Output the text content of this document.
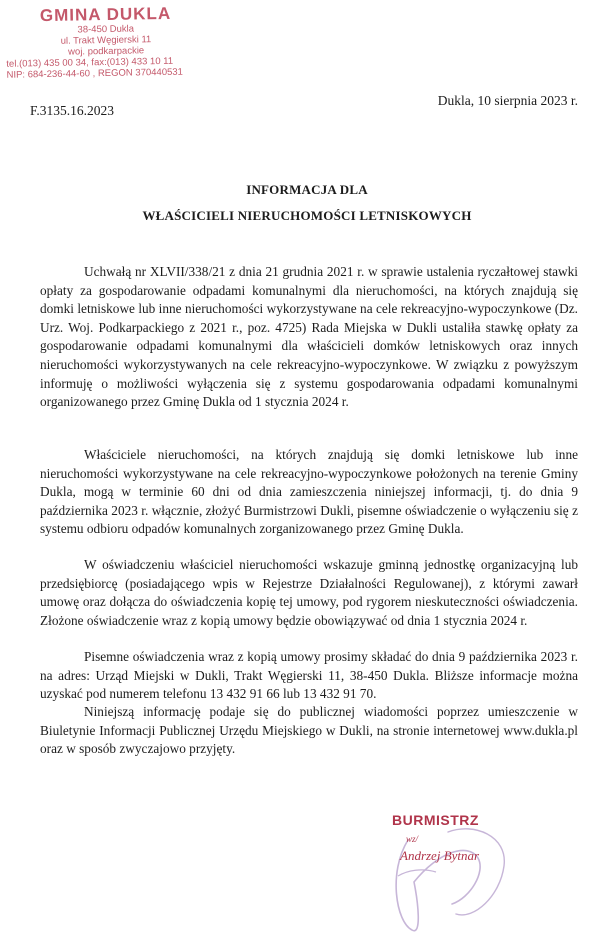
GMINA DUKLA
38-450 Dukla
ul. Trakt Węgierski 11
woj. podkarpackie
tel.(013) 435 00 34, fax:(013) 433 10 11
NIP: 684-236-44-60 , REGON 370440531
F.3135.16.2023
Dukla, 10 sierpnia 2023 r.
INFORMACJA DLA
WŁAŚCICIELI NIERUCHOMOŚCI LETNISKOWYCH

Uchwałą nr XLVII/338/21 z dnia 21 grudnia 2021 r. w sprawie ustalenia ryczałtowej stawki opłaty za gospodarowanie odpadami komunalnymi dla nieruchomości, na których znajdują się domki letniskowe lub inne nieruchomości wykorzystywane na cele rekreacyjno-wypoczynkowe (Dz. Urz. Woj. Podkarpackiego z 2021 r., poz. 4725) Rada Miejska w Dukli ustaliła stawkę opłaty za gospodarowanie odpadami komunalnymi dla właścicieli domków letniskowych oraz innych nieruchomości wykorzystywanych na cele rekreacyjno-wypoczynkowe. W związku z powyższym informuję o możliwości wyłączenia się z systemu gospodarowania odpadami komunalnymi organizowanego przez Gminę Dukla od 1 stycznia 2024 r.

Właściciele nieruchomości, na których znajdują się domki letniskowe lub inne nieruchomości wykorzystywane na cele rekreacyjno-wypoczynkowe położonych na terenie Gminy Dukla, mogą w terminie 60 dni od dnia zamieszczenia niniejszej informacji, tj. do dnia 9 października 2023 r. włącznie, złożyć Burmistrzowi Dukli, pisemne oświadczenie o wyłączeniu się z systemu odbioru odpadów komunalnych zorganizowanego przez Gminę Dukla.

W oświadczeniu właściciel nieruchomości wskazuje gminną jednostkę organizacyjną lub przedsiębiorcę (posiadającego wpis w Rejestrze Działalności Regulowanej), z którymi zawarł umowę oraz dołącza do oświadczenia kopię tej umowy, pod rygorem nieskuteczności oświadczenia. Złożone oświadczenie wraz z kopią umowy będzie obowiązywać od dnia 1 stycznia 2024 r.

Pisemne oświadczenia wraz z kopią umowy prosimy składać do dnia 9 października 2023 r. na adres: Urząd Miejski w Dukli, Trakt Węgierski 11, 38-450 Dukla. Bliższe informacje można uzyskać pod numerem telefonu 13 432 91 66 lub 13 432 91 70.

Niniejszą informację podaje się do publicznej wiadomości poprzez umieszczenie w Biuletynie Informacji Publicznej Urzędu Miejskiego w Dukli, na stronie internetowej www.dukla.pl oraz w sposób zwyczajowo przyjęty.

BURMISTRZ
wz/
Andrzej Bytnar
